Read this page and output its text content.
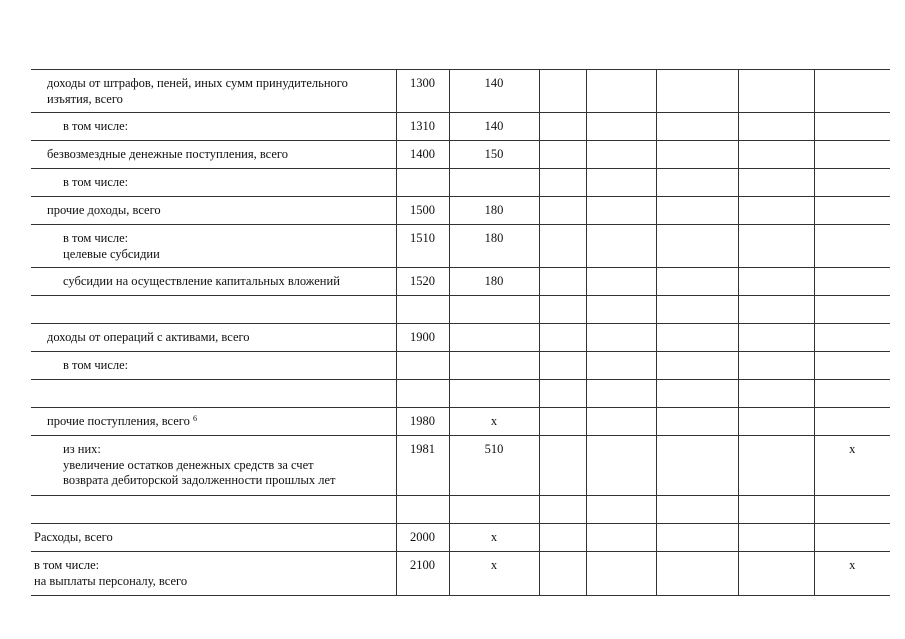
доходы от штрафов, пеней, иных сумм принудительного
изъятия, всего	1300	140					

в том числе:	1310	140					

безвозмездные денежные поступления, всего	1400	150					

в том числе:							

прочие доходы, всего	1500	180					

в том числе:
целевые субсидии	1510	180					

субсидии на осуществление капитальных вложений	1520	180					

доходы от операций с активами, всего	1900						

в том числе:							

прочие поступления, всего $^6$	1980	х					

из них:
увеличение остатков денежных средств за счет
возврата дебиторской задолженности прошлых лет	1981	510					х

Расходы, всего	2000	х					

в том числе:
на выплаты персоналу, всего	2100	х					х
